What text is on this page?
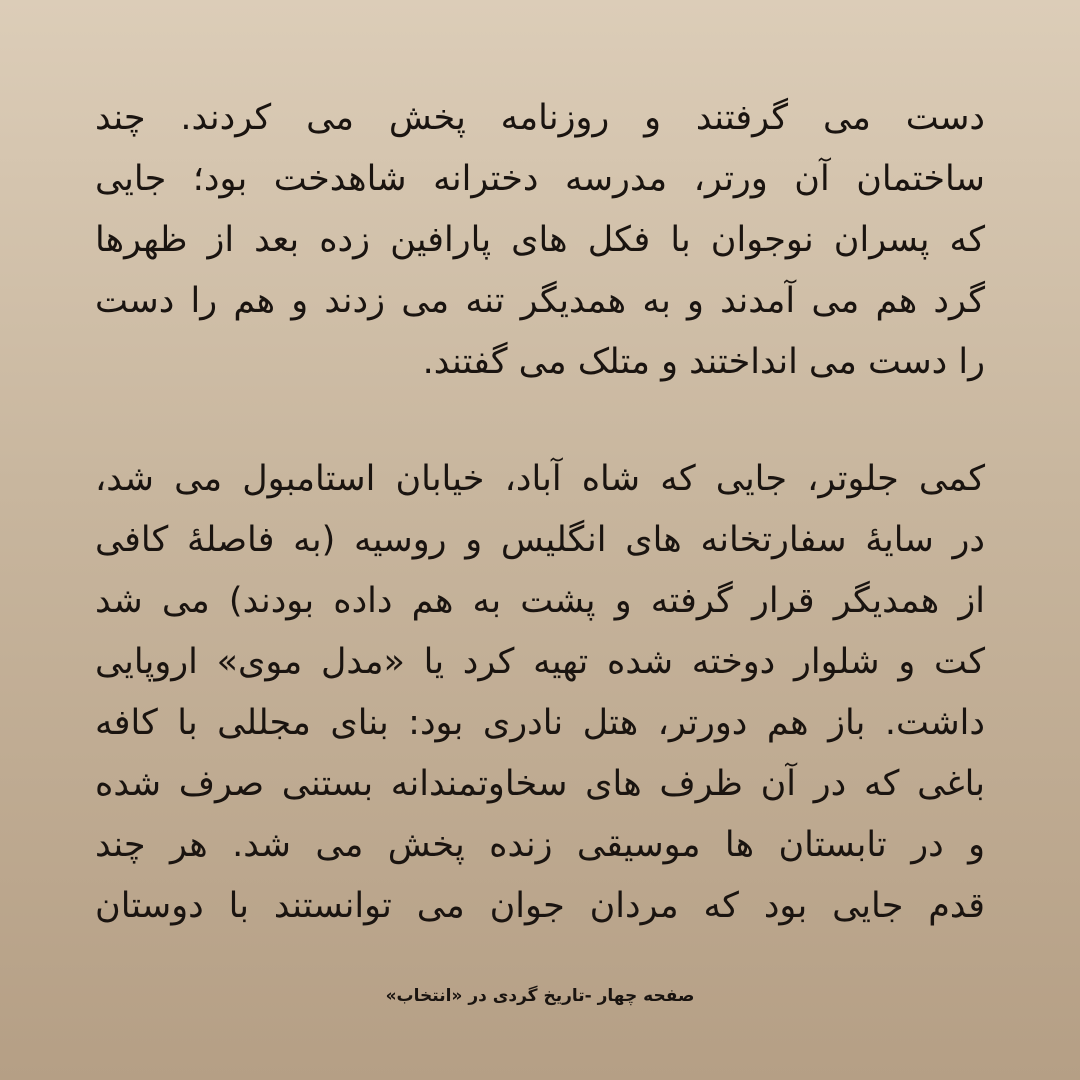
دست می گرفتند و روزنامه پخش می کردند. چند
ساختمان آن ورتر، مدرسه دخترانه شاهدخت بود؛ جایی
که پسران نوجوان با فکل های پارافین زده بعد از ظهرها
گرد هم می آمدند و به همدیگر تنه می زدند و هم را دست
را دست می انداختند و متلک می گفتند.
کمی جلوتر، جایی که شاه آباد، خیابان استامبول می شد،
در سایهٔ سفارتخانه های انگلیس و روسیه (به فاصلهٔ کافی
از همدیگر قرار گرفته و پشت به هم داده بودند) می شد
کت و شلوار دوخته شده تهیه کرد یا «مدل موی» اروپایی
داشت. باز هم دورتر، هتل نادری بود: بنای مجللی با کافه
باغی که در آن ظرف های سخاوتمندانه بستنی صرف شده
و در تابستان ها موسیقی زنده پخش می شد. هر چند
قدم جایی بود که مردان جوان می توانستند با دوستان
صفحه چهار -تاریخ گردی در «انتخاب»
